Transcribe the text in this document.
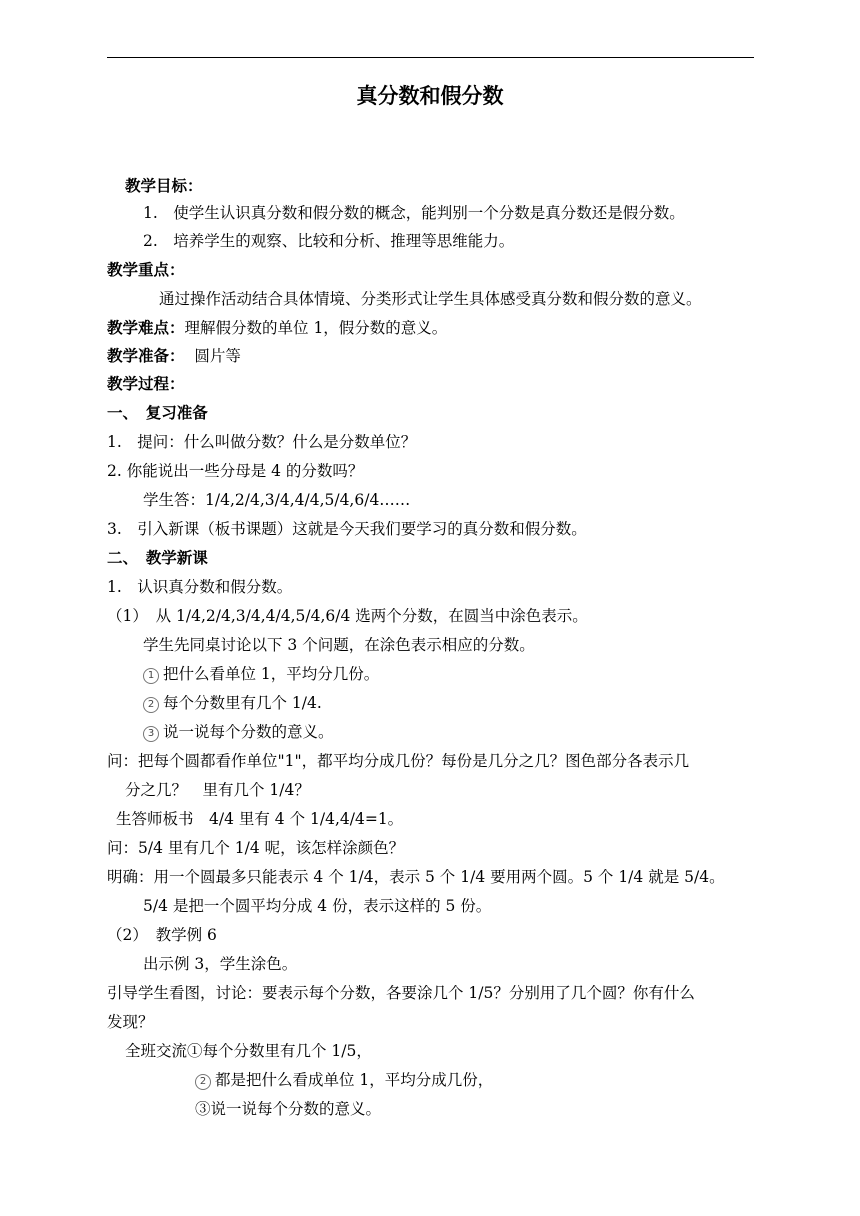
真分数和假分数
教学目标：
1.　使学生认识真分数和假分数的概念，能判别一个分数是真分数还是假分数。
2.　培养学生的观察、比较和分析、推理等思维能力。
教学重点：
通过操作活动结合具体情境、分类形式让学生具体感受真分数和假分数的意义。
教学难点：理解假分数的单位 1，假分数的意义。
教学准备： 圆片等
教学过程：
一、　复习准备
1.　提问：什么叫做分数？什么是分数单位？
2. 你能说出一些分母是 4 的分数吗？
学生答：1/4,2/4,3/4,4/4,5/4,6/4……
3.　引入新课（板书课题）这就是今天我们要学习的真分数和假分数。
二、　教学新课
1.　认识真分数和假分数。
（1）　从 1/4,2/4,3/4,4/4,5/4,6/4 选两个分数，在圆当中涂色表示。
学生先同桌讨论以下 3 个问题，在涂色表示相应的分数。
1 把什么看单位 1，平均分几份。
2 每个分数里有几个 1/4.
3 说一说每个分数的意义。
问：把每个圆都看作单位"1"，都平均分成几份？每份是几分之几？图色部分各表示几
分之几？　里有几个 1/4？
生答师板书　4/4 里有 4 个 1/4,4/4=1。
问：5/4 里有几个 1/4 呢，该怎样涂颜色？
明确：用一个圆最多只能表示 4 个 1/4，表示 5 个 1/4 要用两个圆。5 个 1/4 就是 5/4。
5/4 是把一个圆平均分成 4 份，表示这样的 5 份。
（2）　教学例 6
出示例 3，学生涂色。
引导学生看图，讨论：要表示每个分数，各要涂几个 1/5？分别用了几个圆？你有什么
发现？
全班交流①每个分数里有几个 1/5，
2 都是把什么看成单位 1，平均分成几份，
③说一说每个分数的意义。
